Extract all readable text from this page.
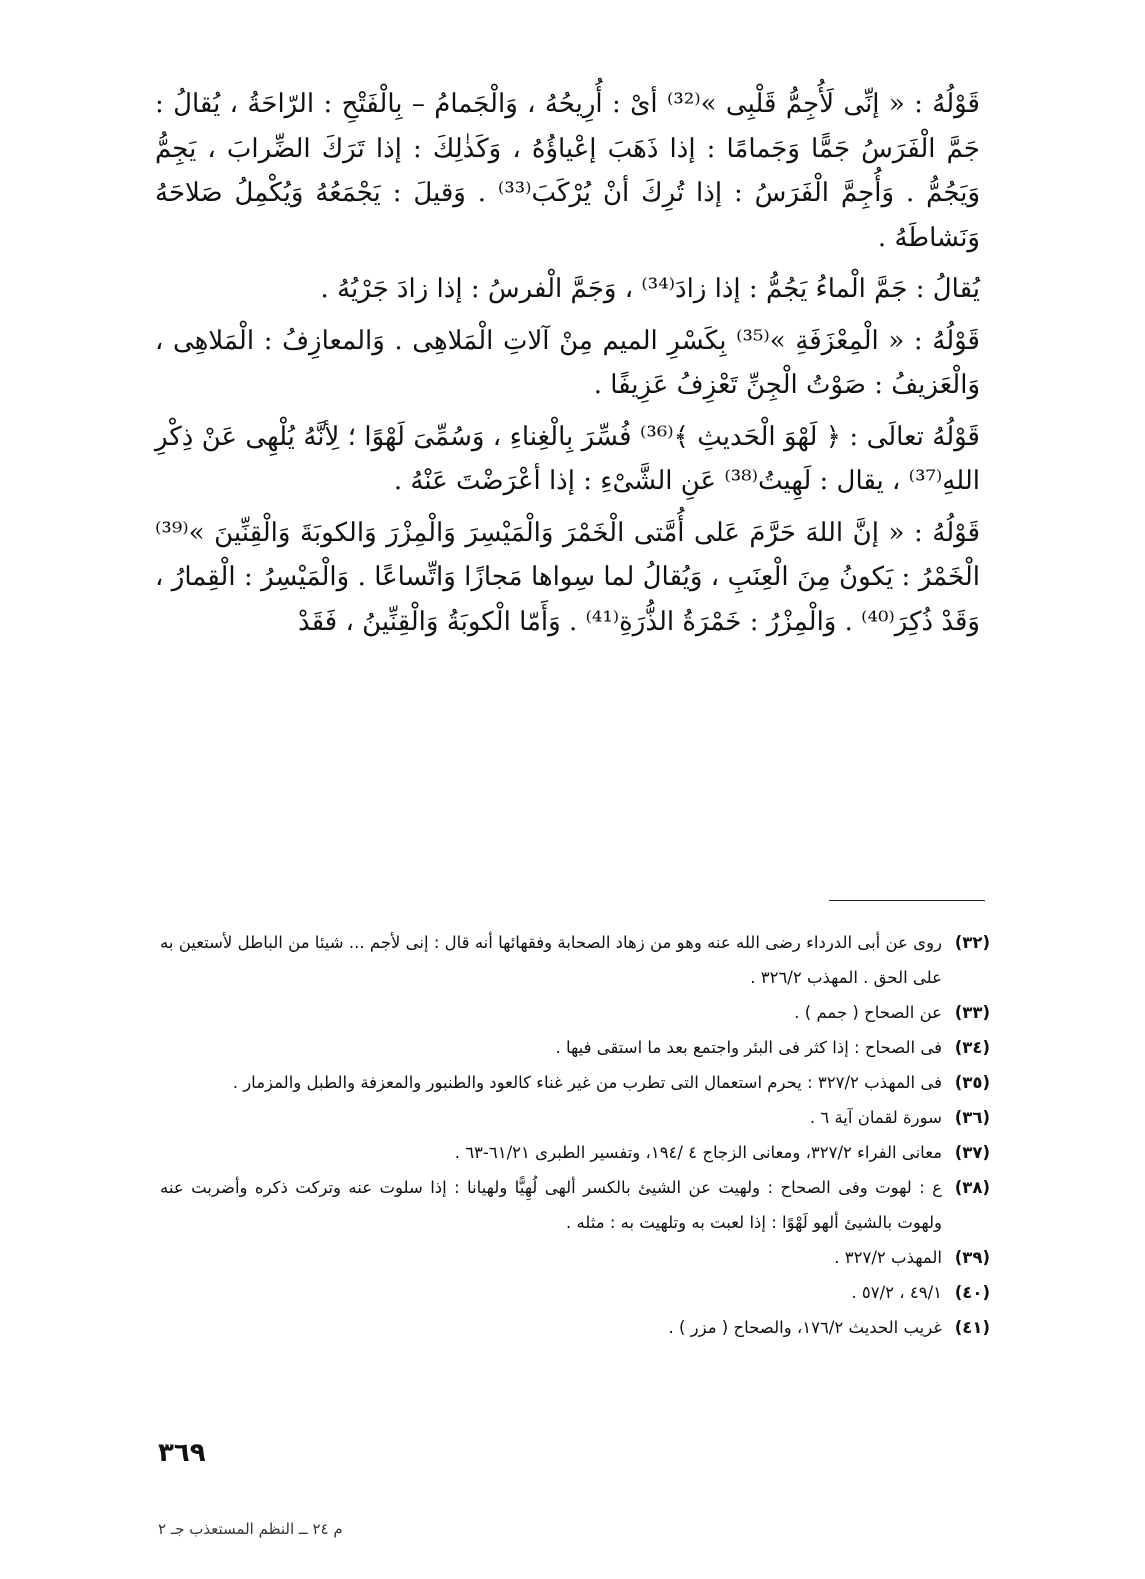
قَوْلُهُ : « إنِّى لَأُجِمُّ قَلْبِى »⁽³²⁾ أىْ : أُرِيحُهُ ، وَالْجَمامُ – بِالْفَتْحِ : الرّاحَةُ ، يُقالُ : جَمَّ الْفَرَسُ جَمًّا وَجَمامًا : إذا ذَهَبَ إعْياؤُهُ ، وَكَذٰلِكَ : إذا تَرَكَ الضِّرابَ ، يَجِمُّ وَيَجُمُّ . وَأُجِمَّ الْفَرَسُ : إذا تُرِكَ أنْ يُرْكَبَ⁽³³⁾ . وَقيلَ : يَجْمَعُهُ وَيُكْمِلُ صَلاحَهُ وَنَشاطَهُ .

يُقالُ : جَمَّ الْماءُ يَجُمُّ : إذا زادَ⁽³⁴⁾ ، وَجَمَّ الْفرسُ : إذا زادَ جَرْيُهُ .

قَوْلُهُ : « الْمِعْزَفَةِ »⁽³⁵⁾ بِكَسْرِ الميم مِنْ آلاتِ الْمَلاهِى . وَالمعازِفُ : الْمَلاهِى ، وَالْعَزيفُ : صَوْتُ الْجِنِّ تَعْزِفُ عَزِيفًا .

قَوْلُهُ تعالَى : ﴿ لَهْوَ الْحَديثِ ﴾⁽³⁶⁾ فُسِّرَ بِالْغِناءِ ، وَسُمِّىَ لَهْوًا ؛ لِأنَّهُ يُلْهِى عَنْ ذِكْرِ اللهِ⁽³⁷⁾ ، يقال : لَهِيتُ⁽³⁸⁾ عَنِ الشَّىْءِ : إذا أعْرَضْتَ عَنْهُ .

قَوْلُهُ : « إنَّ اللهَ حَرَّمَ عَلى أُمَّتى الْخَمْرَ وَالْمَيْسِرَ وَالْمِزْرَ وَالكوبَةَ وَالْقِنِّينَ »⁽³⁹⁾ الْخَمْرُ : يَكونُ مِنَ الْعِنَبِ ، وَيُقالُ لما سِواها مَجازًا وَاتِّساعًا . وَالْمَيْسِرُ : الْقِمارُ ، وَقَدْ ذُكِرَ⁽⁴⁰⁾ . وَالْمِزْرُ : خَمْرَةُ الذُّرَةِ⁽⁴¹⁾ . وَأَمّا الْكوبَةُ وَالْقِنِّينُ ، فَقَدْ

(٣٢)
روى عن أبى الدرداء رضى الله عنه وهو من زهاد الصحابة وفقهائها أنه قال : إنى لأجم ... شيئا من الباطل لأستعين به على الحق . المهذب ٣٢٦/٢ .
(٣٣)
عن الصحاح ( جمم ) .
(٣٤)
فى الصحاح : إذا كثر فى البئر واجتمع بعد ما استقى فيها .
(٣٥)
فى المهذب ٣٢٧/٢ : يحرم استعمال التى تطرب من غير غناء كالعود والطنبور والمعزفة والطبل والمزمار .
(٣٦)
سورة لقمان آية ٦ .
(٣٧)
معانى الفراء ٣٢٧/٢، ومعانى الزجاج ٤ /١٩٤، وتفسير الطبرى ٦١/٢١-٦٣ .
(٣٨)
ع : لهوت وفى الصحاح : ولهيت عن الشيئ بالكسر ألهى لُهِيًّا ولهيانا : إذا سلوت عنه وتركت ذكره وأضربت عنه ولهوت بالشيئ ألهو لَهْوًا : إذا لعبت به وتلهيت به : مثله .
(٣٩)
المهذب ٣٢٧/٢ .
(٤٠)
٤٩/١ ، ٥٧/٢ .
(٤١)
غريب الحديث ١٧٦/٢، والصحاح ( مزر ) .
٣٦٩
م ٢٤ ــ النظم المستعذب جـ ٢
